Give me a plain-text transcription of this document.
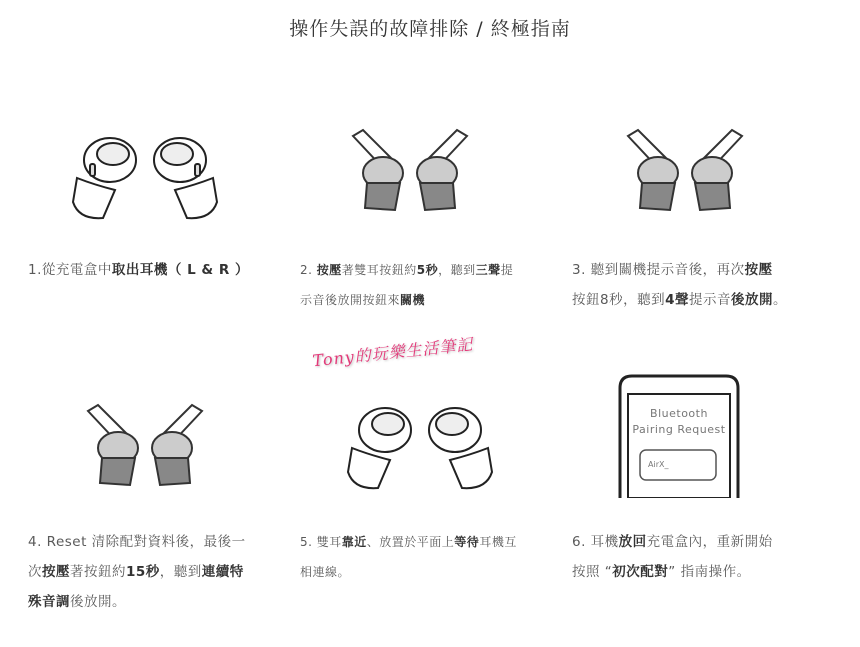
操作失誤的故障排除 / 終極指南
Bluetooth
Pairing Request
AirX_
1.從充電盒中取出耳機（ L & R ）	2. 按壓著雙耳按鈕約5秒，聽到三聲提
示音後放開按鈕來關機
3. 聽到關機提示音後，再次按壓
按鈕8秒，聽到4聲提示音後放開。
4. Reset 清除配對資料後，最後一
次按壓著按鈕約15秒，聽到連續特
殊音調後放開。
5. 雙耳靠近、放置於平面上等待耳機互
相連線。
6. 耳機放回充電盒內，重新開始
按照 “初次配對” 指南操作。
Tony的玩樂生活筆記
